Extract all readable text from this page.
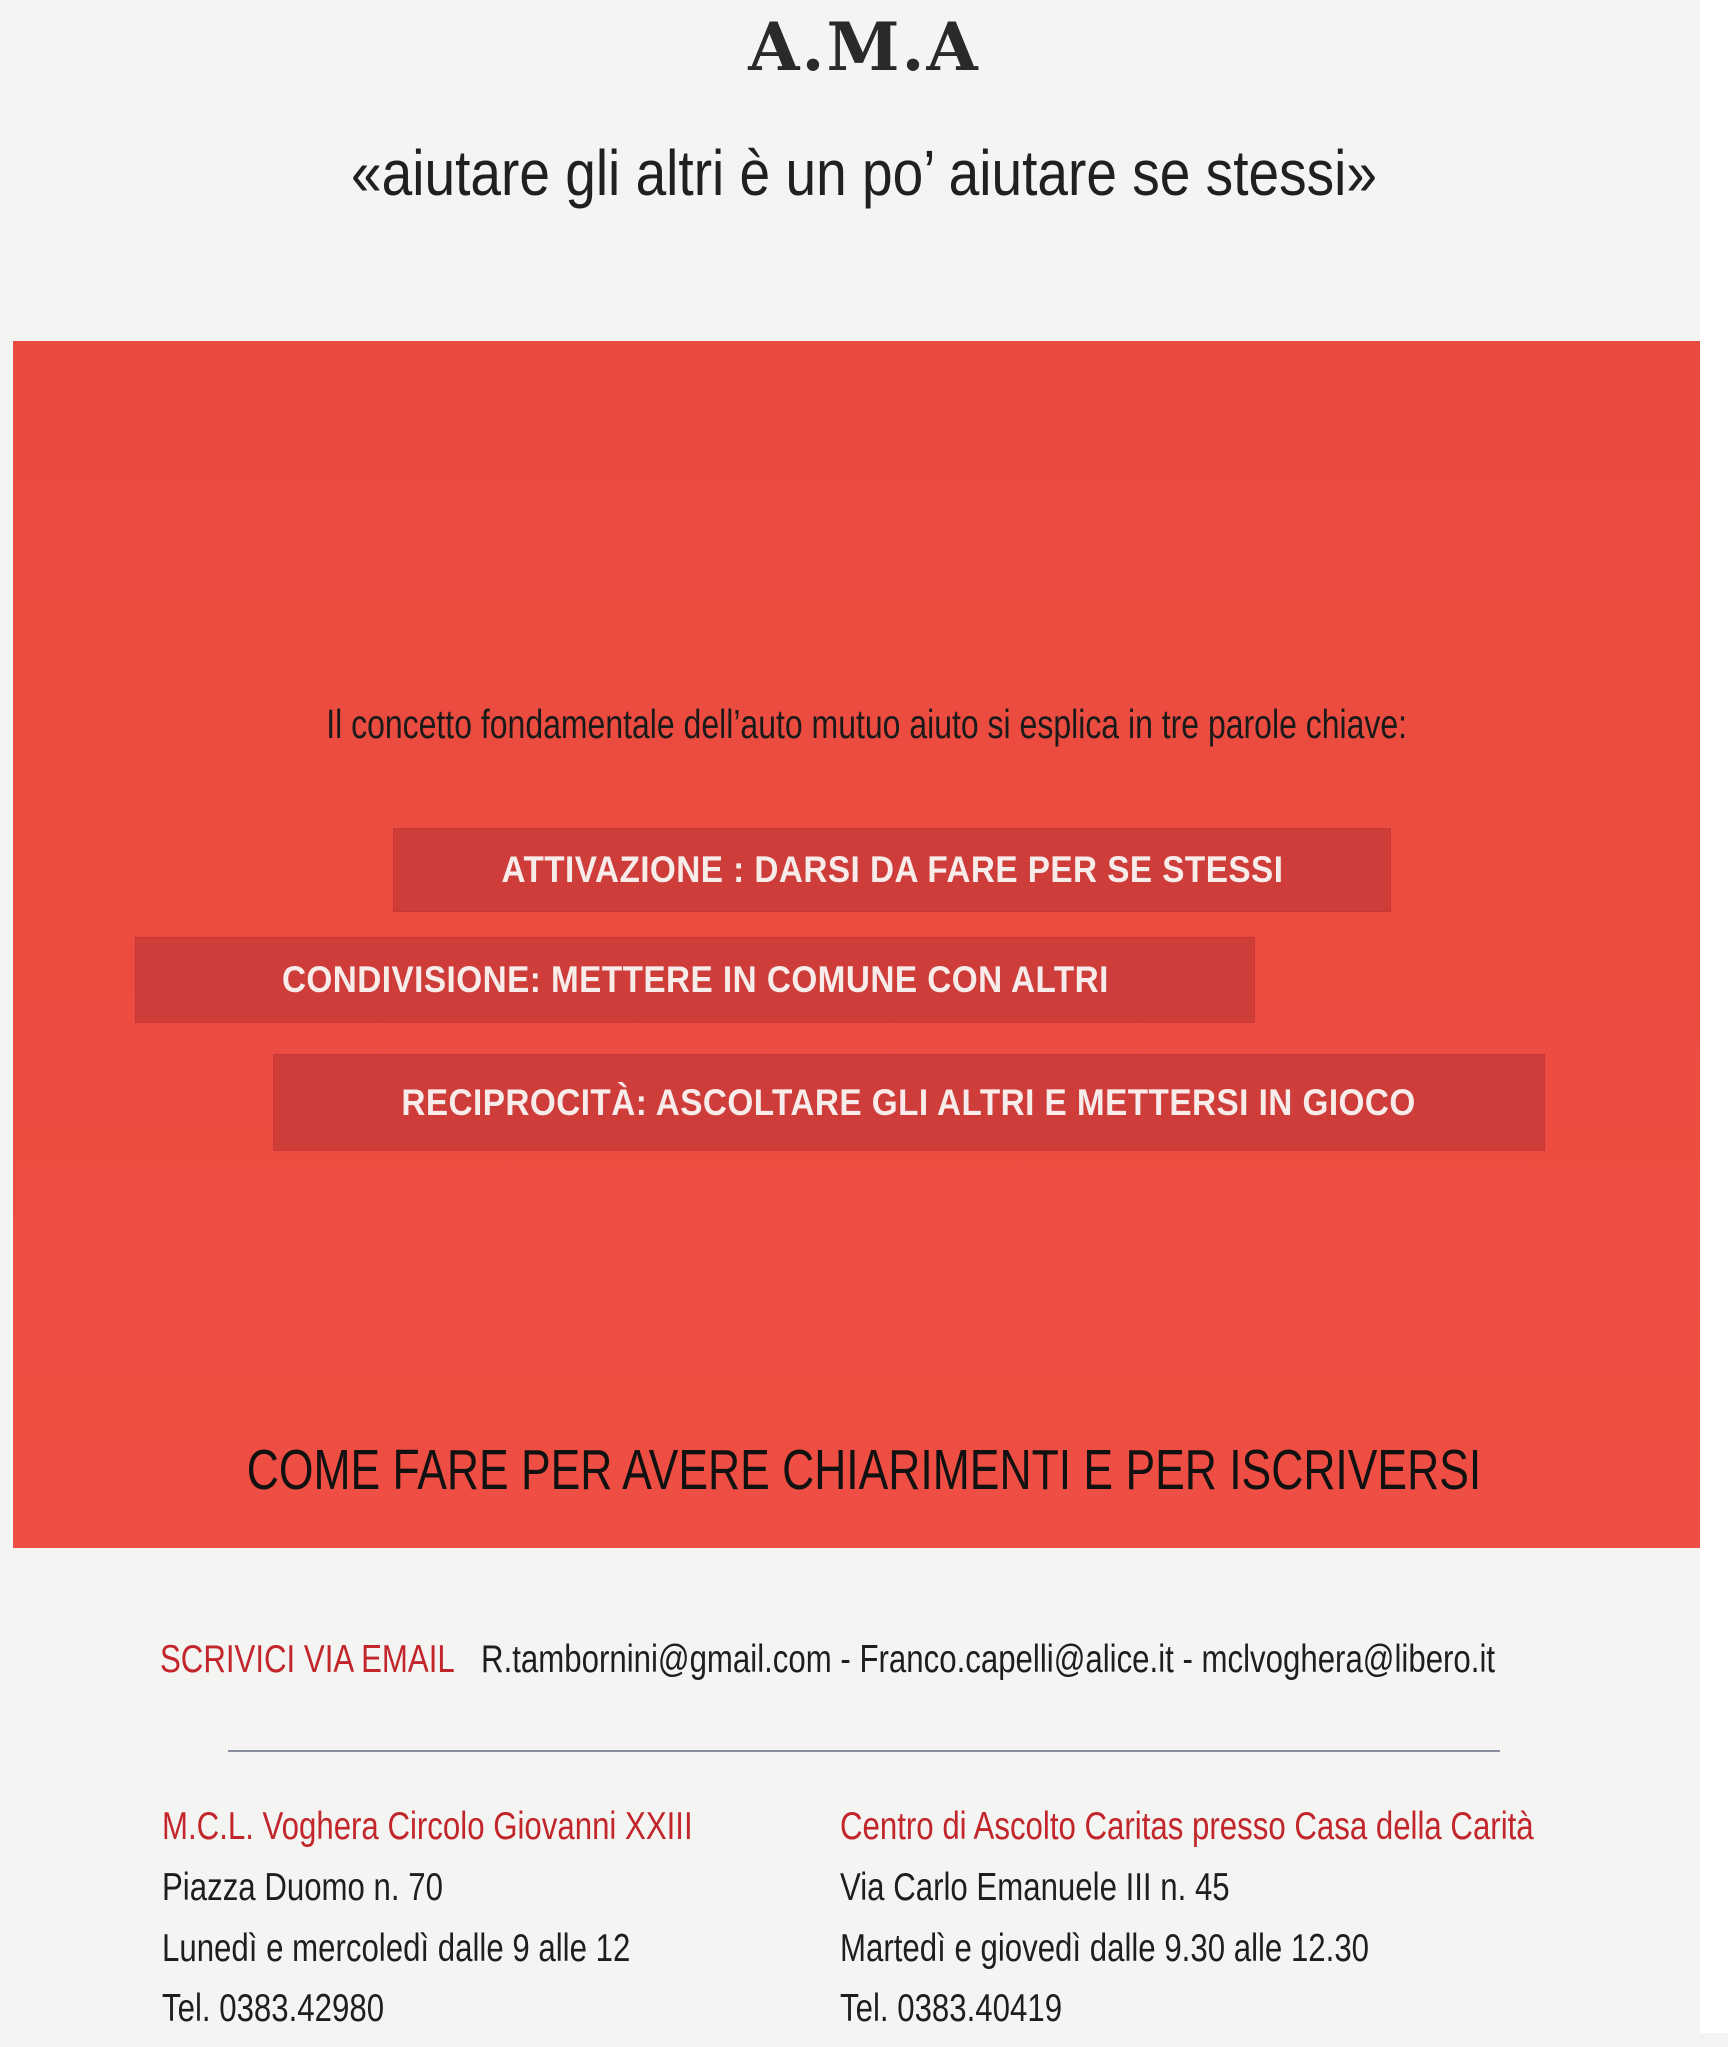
A.M.A
«aiutare gli altri è un po’ aiutare se stessi»
Il concetto fondamentale dell’auto mutuo aiuto si esplica in tre parole chiave:
ATTIVAZIONE : DARSI DA FARE PER SE STESSI
CONDIVISIONE: METTERE IN COMUNE CON ALTRI
RECIPROCITÀ: ASCOLTARE GLI ALTRI E METTERSI IN GIOCO
COME FARE PER AVERE CHIARIMENTI E PER ISCRIVERSI
SCRIVICI VIA EMAIL R.tambornini@gmail.com - Franco.capelli@alice.it - mclvoghera@libero.it
M.C.L. Voghera Circolo Giovanni XXIII
Piazza Duomo n. 70
Lunedì e mercoledì dalle 9 alle 12
Tel. 0383.42980
Centro di Ascolto Caritas presso Casa della Carità
Via Carlo Emanuele III n. 45
Martedì e giovedì dalle 9.30 alle 12.30
Tel. 0383.40419
